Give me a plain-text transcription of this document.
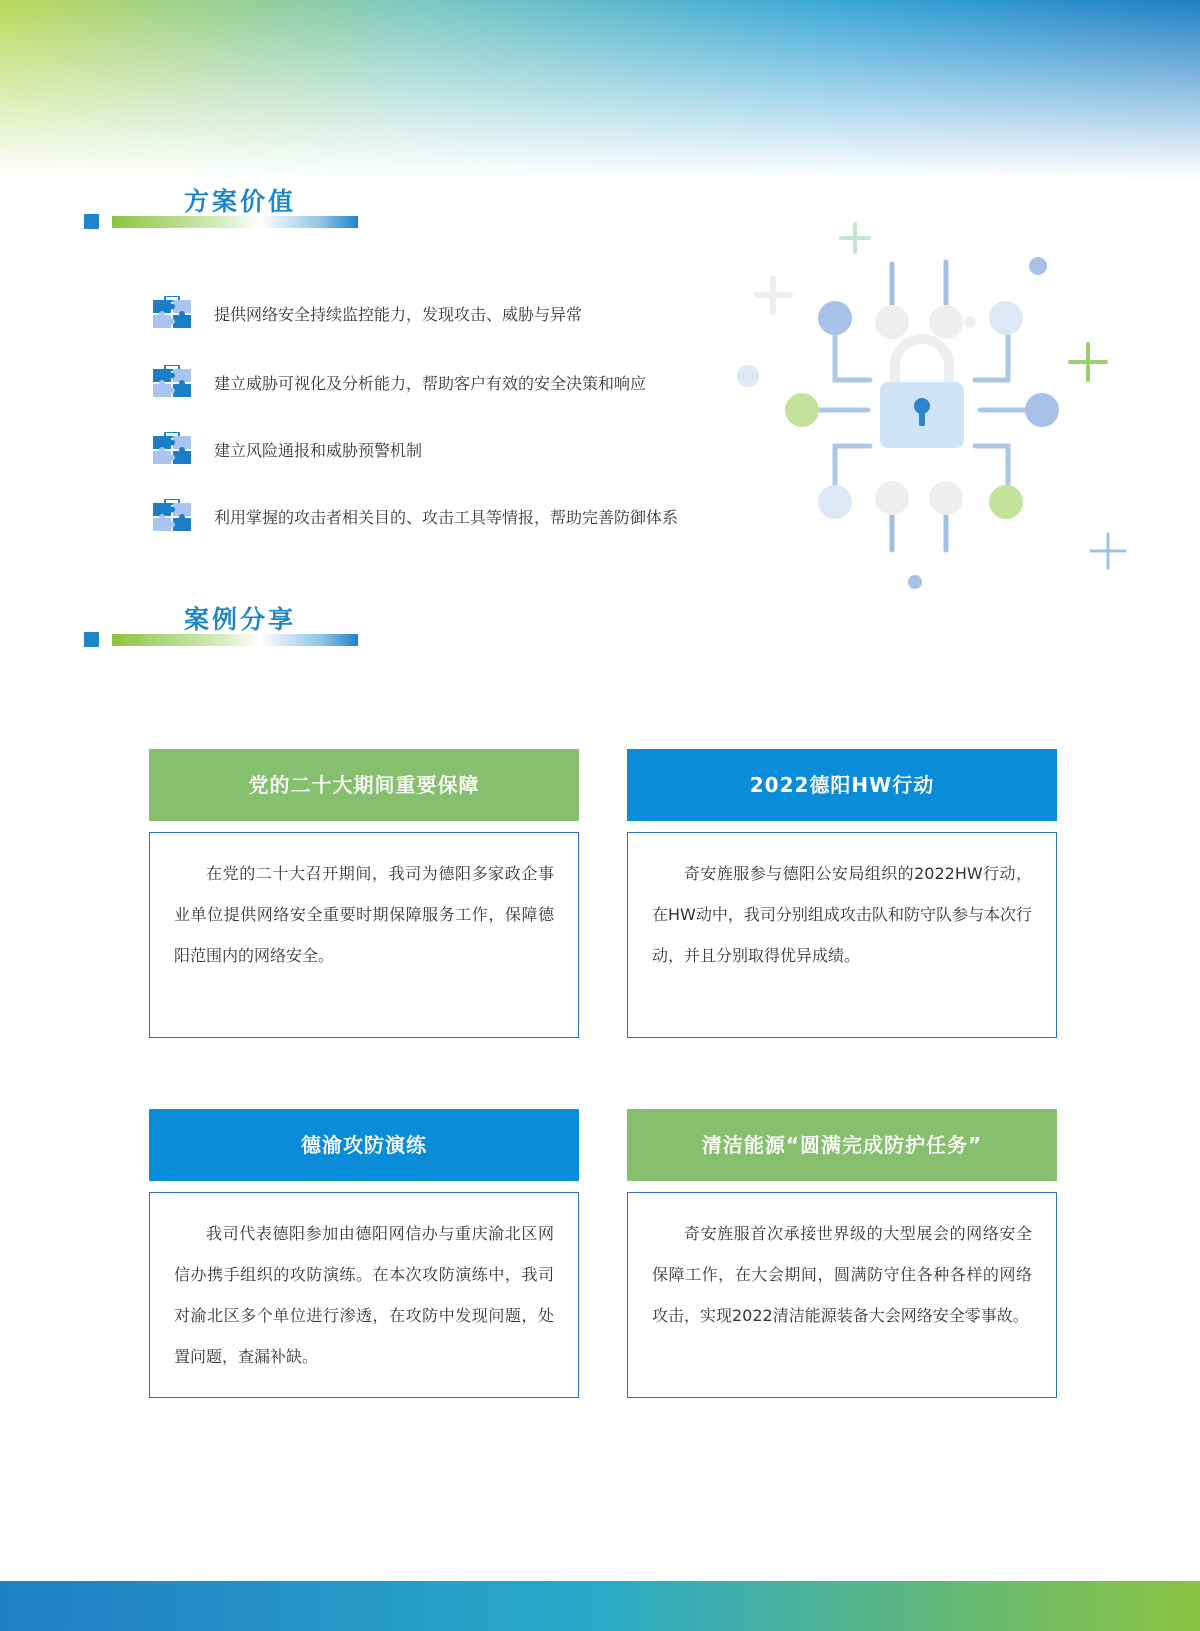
方案价值
提供网络安全持续监控能力，发现攻击、威胁与异常
建立威胁可视化及分析能力，帮助客户有效的安全决策和响应
建立风险通报和威胁预警机制
利用掌握的攻击者相关目的、攻击工具等情报，帮助完善防御体系
案例分享
党的二十大期间重要保障

在党的二十大召开期间，我司为德阳多家政企事业单位提供网络安全重要时期保障服务工作，保障德阳范围内的网络安全。

2022德阳HW行动

奇安旌服参与德阳公安局组织的2022HW行动，在HW动中，我司分别组成攻击队和防守队参与本次行动，并且分别取得优异成绩。

德渝攻防演练

我司代表德阳参加由德阳网信办与重庆渝北区网信办携手组织的攻防演练。在本次攻防演练中，我司对渝北区多个单位进行渗透，在攻防中发现问题，处置问题，查漏补缺。

清洁能源“圆满完成防护任务”

奇安旌服首次承接世界级的大型展会的网络安全保障工作，在大会期间，圆满防守住各种各样的网络攻击，实现2022清洁能源装备大会网络安全零事故。
